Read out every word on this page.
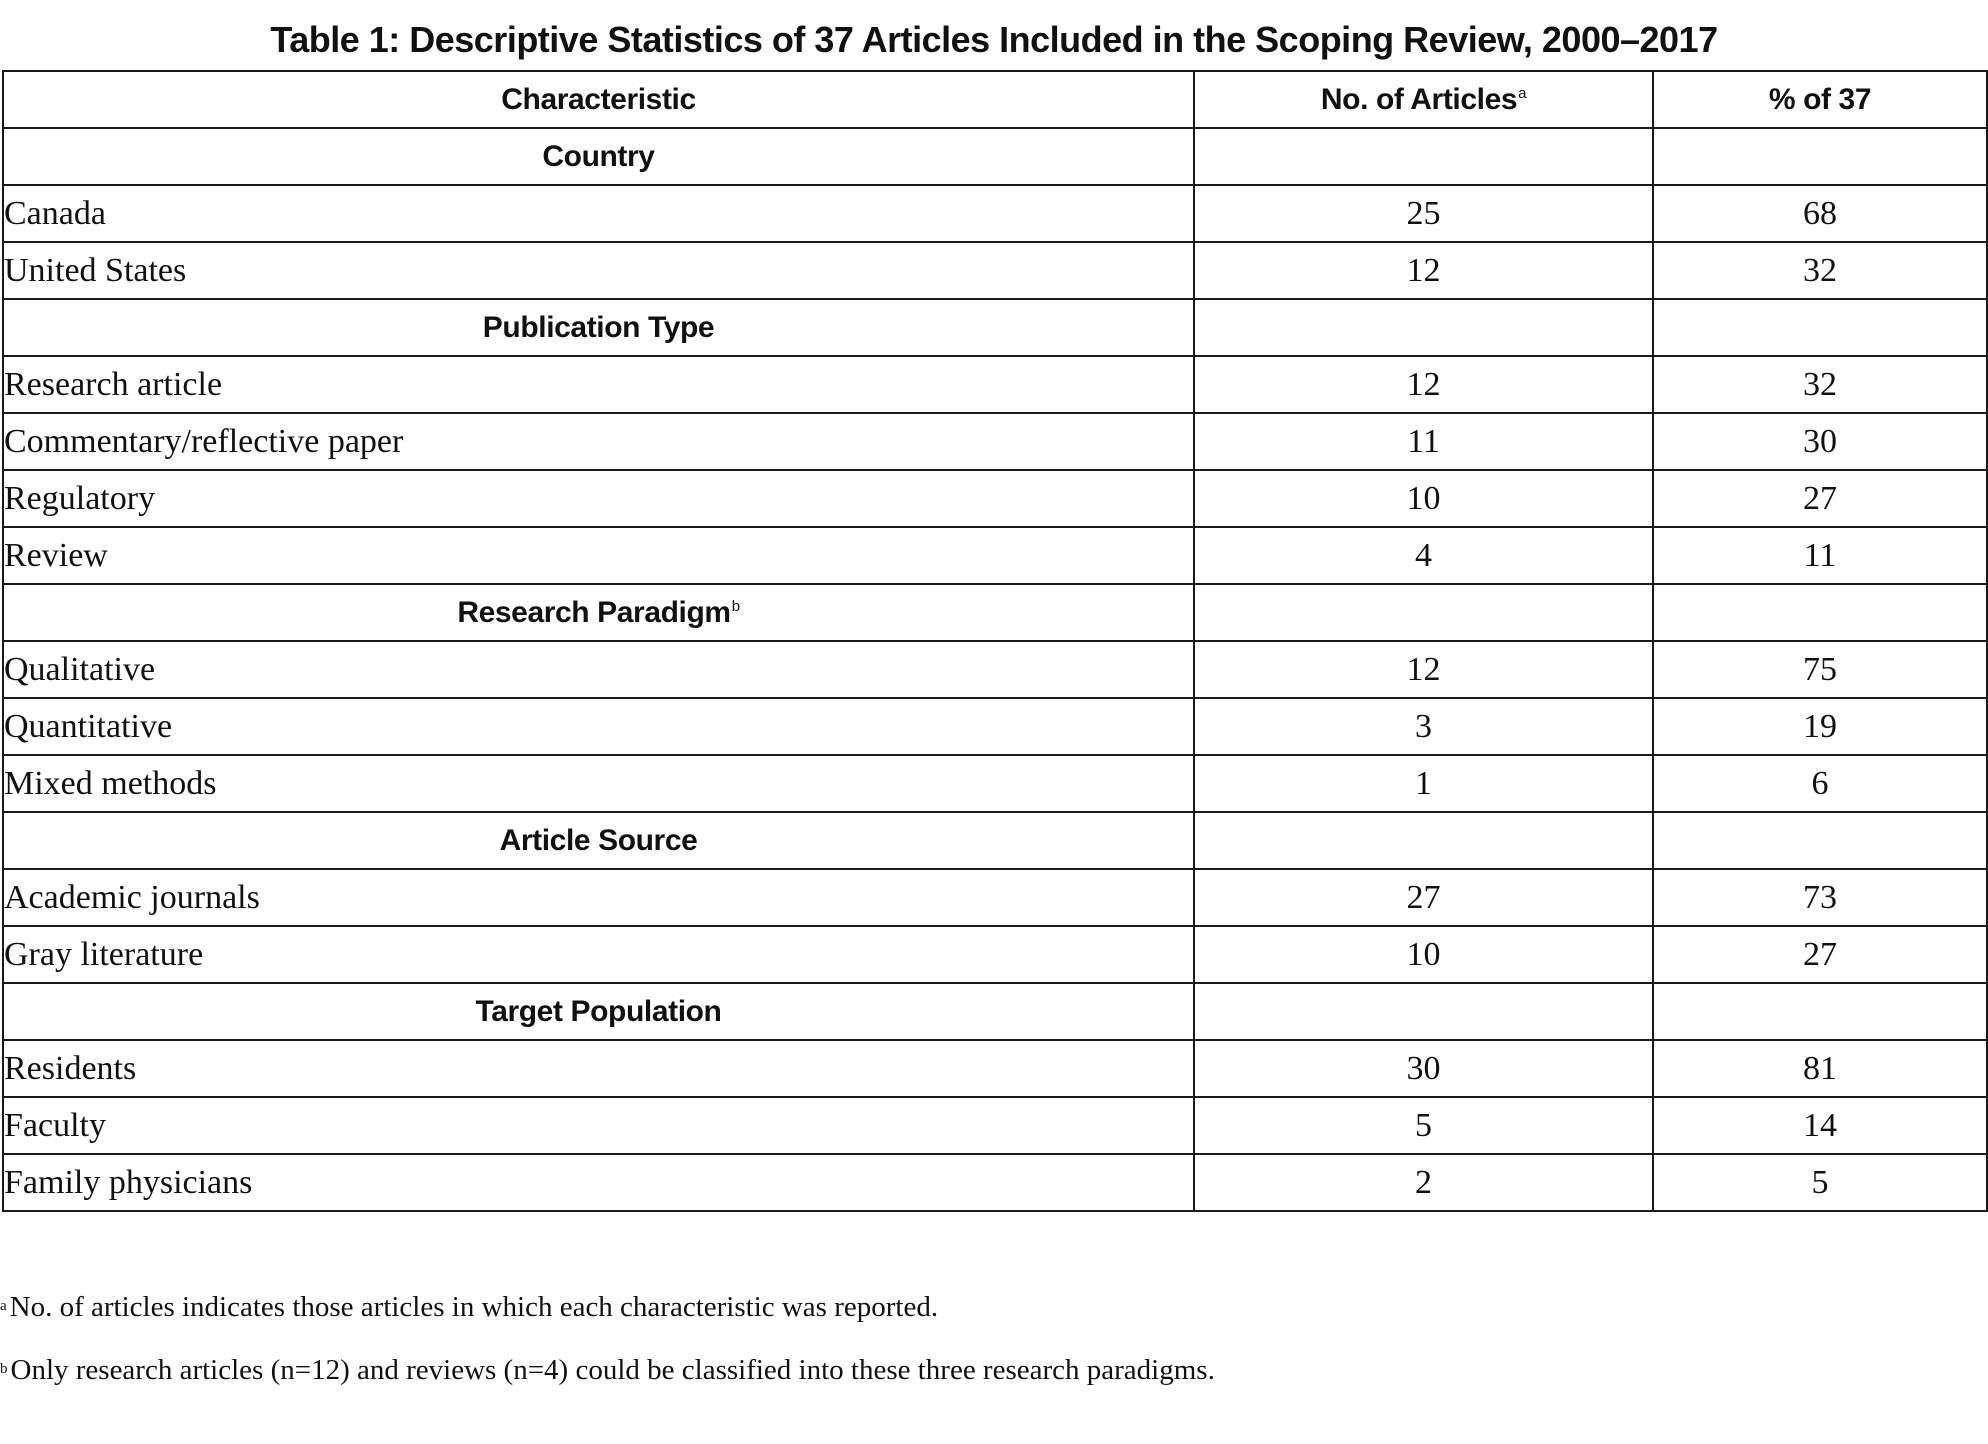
Table 1: Descriptive Statistics of 37 Articles Included in the Scoping Review, 2000–2017
Characteristic	No. of Articles$^a$	% of 37
Country		
Canada	25	68
United States	12	32
Publication Type		
Research article	12	32
Commentary/reflective paper	11	30
Regulatory	10	27
Review	4	11
Research Paradigm$^b$		
Qualitative	12	75
Quantitative	3	19
Mixed methods	1	6
Article Source		
Academic journals	27	73
Gray literature	10	27
Target Population		
Residents	30	81
Faculty	5	14
Family physicians	2	5
$^a$ No. of articles indicates those articles in which each characteristic was reported.
$^b$ Only research articles (n=12) and reviews (n=4) could be classified into these three research paradigms.
